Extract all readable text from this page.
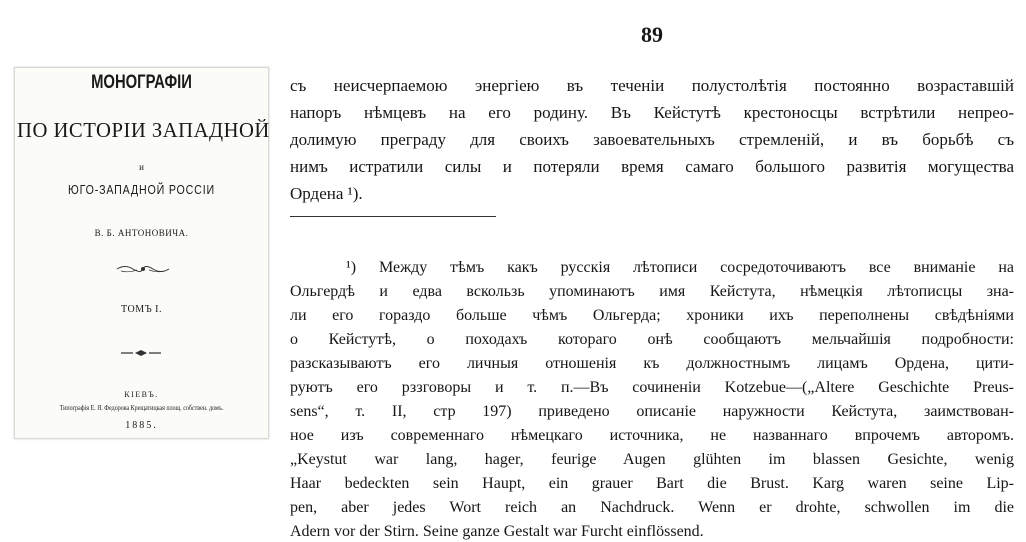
89
МОНОГРАФІИ
ПО ИСТОРІИ ЗАПАДНОЙ
и
ЮГО-ЗАПАДНОЙ РОССІИ
В. Б. АНТОНОВИЧА.
ТОМЪ I.
КІЕВЪ.
Типографія Е. Я. Федорова Крещатицкая площ. собствен. домъ.
1885.
съ неисчерпаемою энергіею въ теченіи полустолѣтія постоянно возраставшій
напоръ нѣмцевъ на его родину. Въ Кейстутѣ крестоносцы встрѣтили непрео-
долимую преграду для своихъ завоевательныхъ стремленій, и въ борьбѣ съ
нимъ истратили силы и потеряли время самаго большого развитія могущества
Ордена ¹).
¹) Между тѣмъ какъ русскія лѣтописи сосредоточиваютъ все вниманіе на
Ольгердѣ и едва вскользь упоминаютъ имя Кейстута, нѣмецкія лѣтописцы зна-
ли его гораздо больше чѣмъ Ольгерда; хроники ихъ переполнены свѣдѣніями
о Кейстутѣ, о походахъ котораго онѣ сообщаютъ мельчайшія подробности:
разсказываютъ его личныя отношенія къ должностнымъ лицамъ Ордена, цити-
руютъ его рззговоры и т. п.—Въ сочиненіи Kotzebue—(„Altere Geschichte Preus-
sens“, т. II, стр 197) приведено описаніе наружности Кейстута, заимствован-
ное изъ современнаго нѣмецкаго источника, не названнаго впрочемъ авторомъ.
„Keystut war lang, hager, feurige Augen glühten im blassen Gesichte, wenig
Haar bedeckten sein Haupt, ein grauer Bart die Brust. Karg waren seine Lip-
pen, aber jedes Wort reich an Nachdruck. Wenn er drohte, schwollen im die
Adern vor der Stirn. Seine ganze Gestalt war Furcht einflössend.
